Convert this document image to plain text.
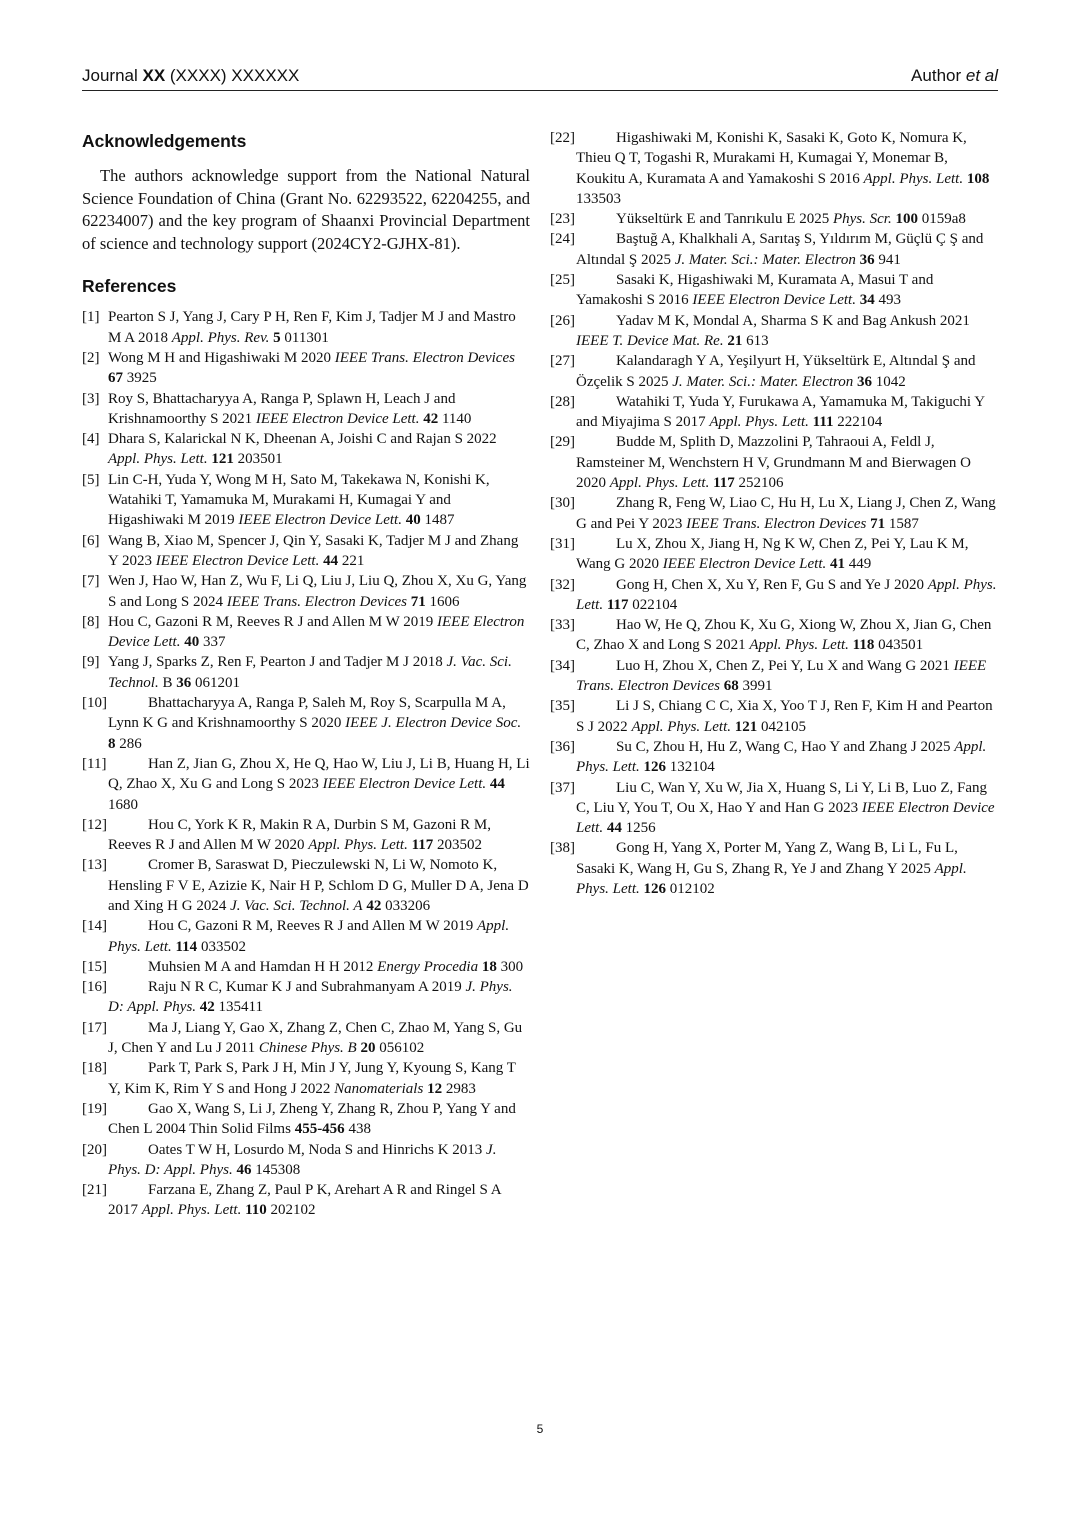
Journal XX (XXXX) XXXXXX	Author et al
Acknowledgements

The authors acknowledge support from the National Natural Science Foundation of China (Grant No. 62293522, 62204255, and 62234007) and the key program of Shaanxi Provincial Department of science and technology support (2024CY2-GJHX-81).

References
[1] Pearton S J, Yang J, Cary P H, Ren F, Kim J, Tadjer M J and Mastro M A 2018 Appl. Phys. Rev. 5 011301
[2] Wong M H and Higashiwaki M 2020 IEEE Trans. Electron Devices 67 3925
[3] Roy S, Bhattacharyya A, Ranga P, Splawn H, Leach J and Krishnamoorthy S 2021 IEEE Electron Device Lett. 42 1140
[4] Dhara S, Kalarickal N K, Dheenan A, Joishi C and Rajan S 2022 Appl. Phys. Lett. 121 203501
[5] Lin C-H, Yuda Y, Wong M H, Sato M, Takekawa N, Konishi K, Watahiki T, Yamamuka M, Murakami H, Kumagai Y and Higashiwaki M 2019 IEEE Electron Device Lett. 40 1487
[6] Wang B, Xiao M, Spencer J, Qin Y, Sasaki K, Tadjer M J and Zhang Y 2023 IEEE Electron Device Lett. 44 221
[7] Wen J, Hao W, Han Z, Wu F, Li Q, Liu J, Liu Q, Zhou X, Xu G, Yang S and Long S 2024 IEEE Trans. Electron Devices 71 1606
[8] Hou C, Gazoni R M, Reeves R J and Allen M W 2019 IEEE Electron Device Lett. 40 337
[9] Yang J, Sparks Z, Ren F, Pearton J and Tadjer M J 2018 J. Vac. Sci. Technol. B 36 061201
[10]	Bhattacharyya A, Ranga P, Saleh M, Roy S, Scarpulla M A, Lynn K G and Krishnamoorthy S 2020 IEEE J. Electron Device Soc. 8 286
[11]	Han Z, Jian G, Zhou X, He Q, Hao W, Liu J, Li B, Huang H, Li Q, Zhao X, Xu G and Long S 2023 IEEE Electron Device Lett. 44 1680
[12]	Hou C, York K R, Makin R A, Durbin S M, Gazoni R M, Reeves R J and Allen M W 2020 Appl. Phys. Lett. 117 203502
[13]	Cromer B, Saraswat D, Pieczulewski N, Li W, Nomoto K, Hensling F V E, Azizie K, Nair H P, Schlom D G, Muller D A, Jena D and Xing H G 2024 J. Vac. Sci. Technol. A 42 033206
[14]	Hou C, Gazoni R M, Reeves R J and Allen M W 2019 Appl. Phys. Lett. 114 033502
[15]	Muhsien M A and Hamdan H H 2012 Energy Procedia 18 300
[16]	Raju N R C, Kumar K J and Subrahmanyam A 2019 J. Phys. D: Appl. Phys. 42 135411
[17]	Ma J, Liang Y, Gao X, Zhang Z, Chen C, Zhao M, Yang S, Gu J, Chen Y and Lu J 2011 Chinese Phys. B 20 056102
[18]	Park T, Park S, Park J H, Min J Y, Jung Y, Kyoung S, Kang T Y, Kim K, Rim Y S and Hong J 2022 Nanomaterials 12 2983
[19]	Gao X, Wang S, Li J, Zheng Y, Zhang R, Zhou P, Yang Y and Chen L 2004 Thin Solid Films 455-456 438
[20]	Oates T W H, Losurdo M, Noda S and Hinrichs K 2013 J. Phys. D: Appl. Phys. 46 145308
[21]	Farzana E, Zhang Z, Paul P K, Arehart A R and Ringel S A 2017 Appl. Phys. Lett. 110 202102
[22]	Higashiwaki M, Konishi K, Sasaki K, Goto K, Nomura K, Thieu Q T, Togashi R, Murakami H, Kumagai Y, Monemar B, Koukitu A, Kuramata A and Yamakoshi S 2016 Appl. Phys. Lett. 108 133503
[23]	Yükseltürk E and Tanrıkulu E 2025 Phys. Scr. 100 0159a8
[24]	Baştuğ A, Khalkhali A, Sarıtaş S, Yıldırım M, Güçlü Ç Ş and Altındal Ş 2025 J. Mater. Sci.: Mater. Electron 36 941
[25]	Sasaki K, Higashiwaki M, Kuramata A, Masui T and Yamakoshi S 2016 IEEE Electron Device Lett. 34 493
[26]	Yadav M K, Mondal A, Sharma S K and Bag Ankush 2021 IEEE T. Device Mat. Re. 21 613
[27]	Kalandaragh Y A, Yeşilyurt H, Yükseltürk E, Altındal Ş and Özçelik S 2025 J. Mater. Sci.: Mater. Electron 36 1042
[28]	Watahiki T, Yuda Y, Furukawa A, Yamamuka M, Takiguchi Y and Miyajima S 2017 Appl. Phys. Lett. 111 222104
[29]	Budde M, Splith D, Mazzolini P, Tahraoui A, Feldl J, Ramsteiner M, Wenchstern H V, Grundmann M and Bierwagen O 2020 Appl. Phys. Lett. 117 252106
[30]	Zhang R, Feng W, Liao C, Hu H, Lu X, Liang J, Chen Z, Wang G and Pei Y 2023 IEEE Trans. Electron Devices 71 1587
[31]	Lu X, Zhou X, Jiang H, Ng K W, Chen Z, Pei Y, Lau K M, Wang G 2020 IEEE Electron Device Lett. 41 449
[32]	Gong H, Chen X, Xu Y, Ren F, Gu S and Ye J 2020 Appl. Phys. Lett. 117 022104
[33]	Hao W, He Q, Zhou K, Xu G, Xiong W, Zhou X, Jian G, Chen C, Zhao X and Long S 2021 Appl. Phys. Lett. 118 043501
[34]	Luo H, Zhou X, Chen Z, Pei Y, Lu X and Wang G 2021 IEEE Trans. Electron Devices 68 3991
[35]	Li J S, Chiang C C, Xia X, Yoo T J, Ren F, Kim H and Pearton S J 2022 Appl. Phys. Lett. 121 042105
[36]	Su C, Zhou H, Hu Z, Wang C, Hao Y and Zhang J 2025 Appl. Phys. Lett. 126 132104
[37]	Liu C, Wan Y, Xu W, Jia X, Huang S, Li Y, Li B, Luo Z, Fang C, Liu Y, You T, Ou X, Hao Y and Han G 2023 IEEE Electron Device Lett. 44 1256
[38]	Gong H, Yang X, Porter M, Yang Z, Wang B, Li L, Fu L, Sasaki K, Wang H, Gu S, Zhang R, Ye J and Zhang Y 2025 Appl. Phys. Lett. 126 012102
5
